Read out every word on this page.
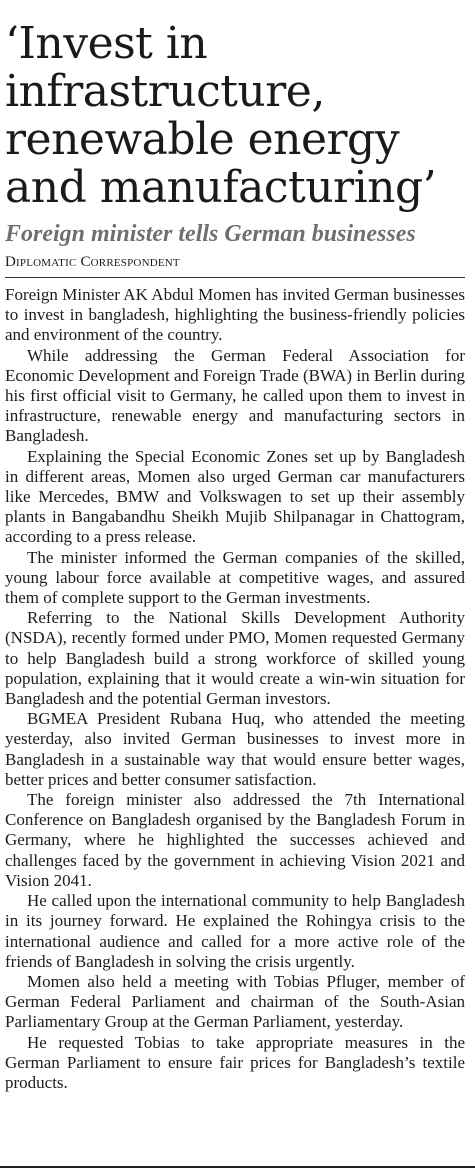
‘Invest in infrastructure, renewable energy and manufacturing’
Foreign minister tells German businesses
Diplomatic Correspondent

Foreign Minister AK Abdul Momen has invited German businesses to invest in bangladesh, highlighting the business-friendly policies and environment of the country.

While addressing the German Federal Association for Economic Development and Foreign Trade (BWA) in Berlin during his first official visit to Germany, he called upon them to invest in infrastructure, renewable energy and manufacturing sectors in Bangladesh.

Explaining the Special Economic Zones set up by Bangladesh in different areas, Momen also urged German car manufacturers like Mercedes, BMW and Volkswagen to set up their assembly plants in Bangabandhu Sheikh Mujib Shilpanagar in Chattogram, according to a press release.

The minister informed the German companies of the skilled, young labour force available at competitive wages, and assured them of complete support to the German investments.

Referring to the National Skills Development Authority (NSDA), recently formed under PMO, Momen requested Germany to help Bangladesh build a strong workforce of skilled young population, explaining that it would create a win-win situation for Bangladesh and the potential German investors.

BGMEA President Rubana Huq, who attended the meeting yesterday, also invited German businesses to invest more in Bangladesh in a sustainable way that would ensure better wages, better prices and better consumer satisfaction.

The foreign minister also addressed the 7th International Conference on Bangladesh organised by the Bangladesh Forum in Germany, where he highlighted the successes achieved and challenges faced by the government in achieving Vision 2021 and Vision 2041.

He called upon the international community to help Bangladesh in its journey forward. He explained the Rohingya crisis to the international audience and called for a more active role of the friends of Bangladesh in solving the crisis urgently.

Momen also held a meeting with Tobias Pfluger, member of German Federal Parliament and chairman of the South-Asian Parliamentary Group at the German Parliament, yesterday.

He requested Tobias to take appropriate measures in the German Parliament to ensure fair prices for Bangladesh’s textile products.
